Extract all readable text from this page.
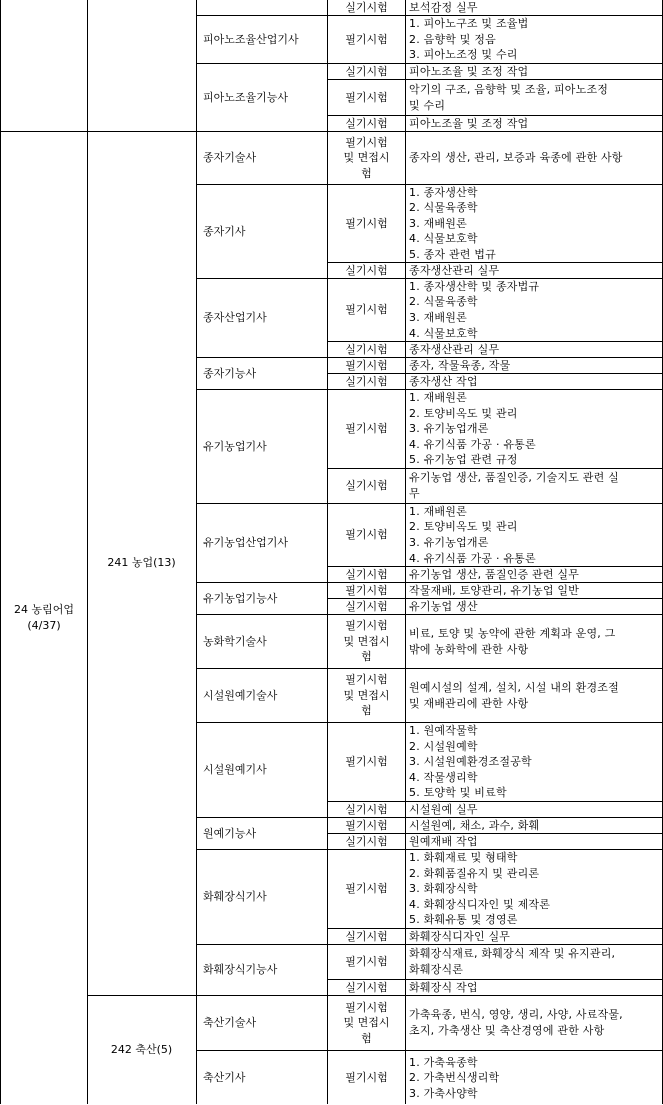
24 농림어업
(4/37)
241 농업(13)
242 축산(5)
피아노조율산업기사
피아노조율기능사
종자기술사
종자기사
종자산업기사
종자기능사
유기농업기사
유기농업산업기사
유기농업기능사
농화학기술사
시설원예기술사
시설원예기사
원예기능사
화훼장식기사
화훼장식기능사
축산기술사
축산기사
실기시험 보석감정 실무
필기시험
1. 피아노구조 및 조율법
2. 음향학 및 정음
3. 피아노조정 및 수리
실기시험 피아노조율 및 조정 작업
필기시험
악기의 구조, 음향학 및 조율, 피아노조정
및 수리
실기시험 피아노조율 및 조정 작업
필기시험
및 면접시
험
종자의 생산, 관리, 보증과 육종에 관한 사항
필기시험
1. 종자생산학
2. 식물육종학
3. 재배원론
4. 식물보호학
5. 종자 관련 법규
실기시험 종자생산관리 실무
필기시험
1. 종자생산학 및 종자법규
2. 식물육종학
3. 재배원론
4. 식물보호학
실기시험 종자생산관리 실무
필기시험 종자, 작물육종, 작물
실기시험 종자생산 작업
필기시험
1. 재배원론
2. 토양비옥도 및 관리
3. 유기농업개론
4. 유기식품 가공 · 유통론
5. 유기농업 관련 규정
실기시험
유기농업 생산, 품질인증, 기술지도 관련 실
무
필기시험
1. 재배원론
2. 토양비옥도 및 관리
3. 유기농업개론
4. 유기식품 가공 · 유통론
실기시험 유기농업 생산, 품질인증 관련 실무
필기시험 작물재배, 토양관리, 유기농업 일반
실기시험 유기농업 생산
필기시험
및 면접시
험
비료, 토양 및 농약에 관한 계획과 운영, 그
밖에 농화학에 관한 사항
필기시험
및 면접시
험
원예시설의 설계, 설치, 시설 내의 환경조절
및 재배관리에 관한 사항
필기시험
1. 원예작물학
2. 시설원예학
3. 시설원예환경조절공학
4. 작물생리학
5. 토양학 및 비료학
실기시험 시설원예 실무
필기시험 시설원예, 채소, 과수, 화훼
실기시험 원예재배 작업
필기시험
1. 화훼재료 및 형태학
2. 화훼품질유지 및 관리론
3. 화훼장식학
4. 화훼장식디자인 및 제작론
5. 화훼유통 및 경영론
실기시험 화훼장식디자인 실무
필기시험
화훼장식재료, 화훼장식 제작 및 유지관리,
화훼장식론
실기시험 화훼장식 작업
필기시험
및 면접시
험
가축육종, 번식, 영양, 생리, 사양, 사료작물,
초지, 가축생산 및 축산경영에 관한 사항
필기시험
1. 가축육종학
2. 가축번식생리학
3. 가축사양학
